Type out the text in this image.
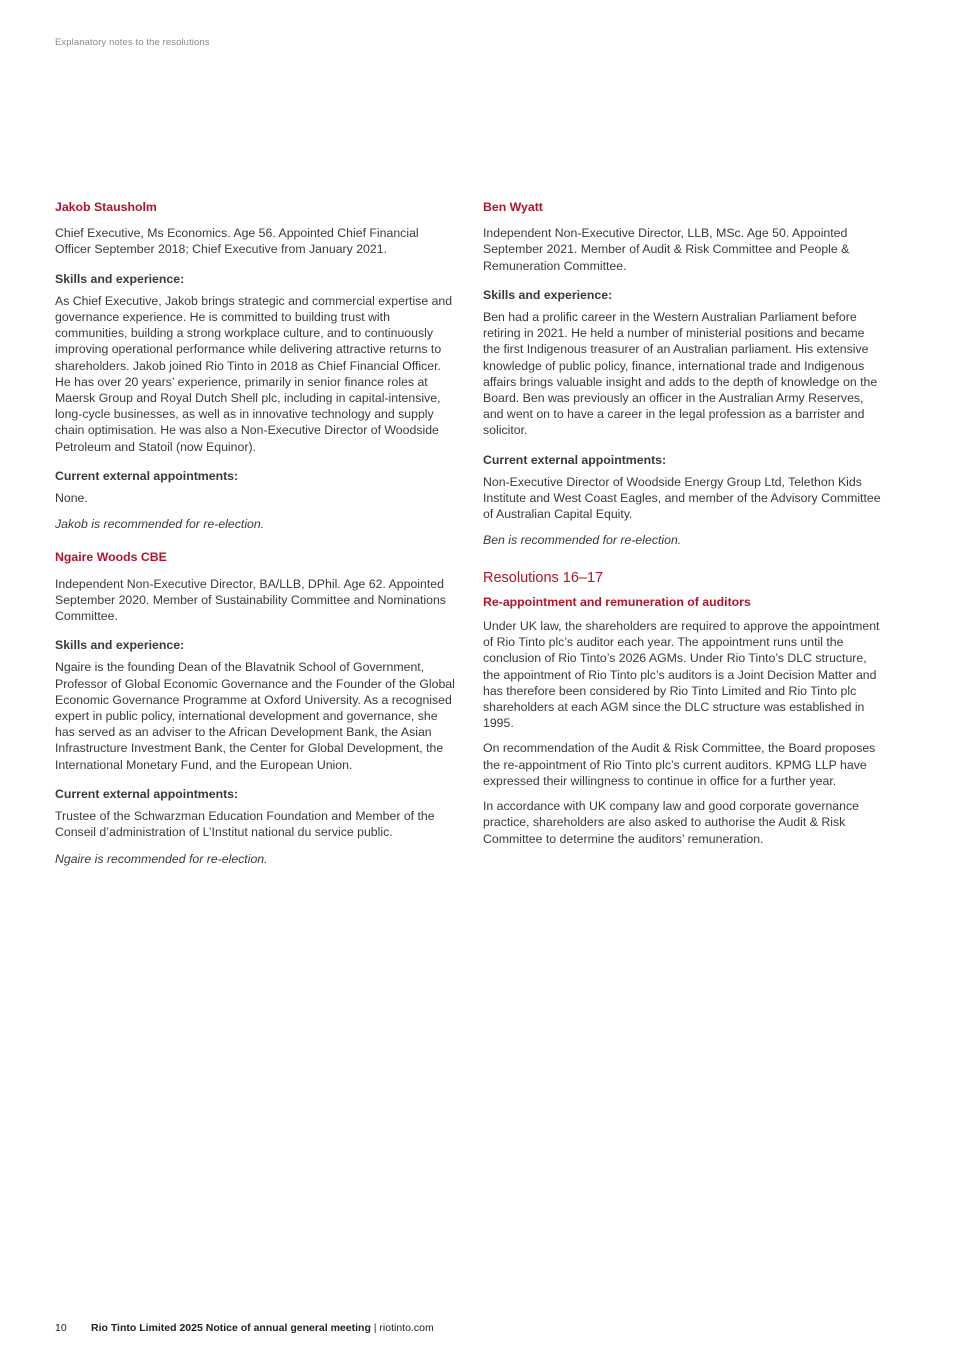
Explanatory notes to the resolutions
Jakob Stausholm

Chief Executive, Ms Economics. Age 56. Appointed Chief Financial Officer September 2018; Chief Executive from January 2021.

Skills and experience:

As Chief Executive, Jakob brings strategic and commercial expertise and governance experience. He is committed to building trust with communities, building a strong workplace culture, and to continuously improving operational performance while delivering attractive returns to shareholders. Jakob joined Rio Tinto in 2018 as Chief Financial Officer. He has over 20 years’ experience, primarily in senior finance roles at Maersk Group and Royal Dutch Shell plc, including in capital-intensive, long-cycle businesses, as well as in innovative technology and supply chain optimisation. He was also a Non-Executive Director of Woodside Petroleum and Statoil (now Equinor).

Current external appointments:

None.

Jakob is recommended for re-election.

Ngaire Woods CBE

Independent Non-Executive Director, BA/LLB, DPhil. Age 62. Appointed September 2020. Member of Sustainability Committee and Nominations Committee.

Skills and experience:

Ngaire is the founding Dean of the Blavatnik School of Government, Professor of Global Economic Governance and the Founder of the Global Economic Governance Programme at Oxford University. As a recognised expert in public policy, international development and governance, she has served as an adviser to the African Development Bank, the Asian Infrastructure Investment Bank, the Center for Global Development, the International Monetary Fund, and the European Union.

Current external appointments:

Trustee of the Schwarzman Education Foundation and Member of the Conseil d’administration of L’Institut national du service public.

Ngaire is recommended for re-election.

Ben Wyatt

Independent Non-Executive Director, LLB, MSc. Age 50. Appointed September 2021. Member of Audit & Risk Committee and People & Remuneration Committee.

Skills and experience:

Ben had a prolific career in the Western Australian Parliament before retiring in 2021. He held a number of ministerial positions and became the first Indigenous treasurer of an Australian parliament. His extensive knowledge of public policy, finance, international trade and Indigenous affairs brings valuable insight and adds to the depth of knowledge on the Board. Ben was previously an officer in the Australian Army Reserves, and went on to have a career in the legal profession as a barrister and solicitor.

Current external appointments:

Non-Executive Director of Woodside Energy Group Ltd, Telethon Kids Institute and West Coast Eagles, and member of the Advisory Committee of Australian Capital Equity.

Ben is recommended for re-election.

Resolutions 16–17
Re-appointment and remuneration of auditors

Under UK law, the shareholders are required to approve the appointment of Rio Tinto plc’s auditor each year. The appointment runs until the conclusion of Rio Tinto’s 2026 AGMs. Under Rio Tinto’s DLC structure, the appointment of Rio Tinto plc’s auditors is a Joint Decision Matter and has therefore been considered by Rio Tinto Limited and Rio Tinto plc shareholders at each AGM since the DLC structure was established in 1995.

On recommendation of the Audit & Risk Committee, the Board proposes the re-appointment of Rio Tinto plc’s current auditors. KPMG LLP have expressed their willingness to continue in office for a further year.

In accordance with UK company law and good corporate governance practice, shareholders are also asked to authorise the Audit & Risk Committee to determine the auditors’ remuneration.

10 Rio Tinto Limited 2025 Notice of annual general meeting | riotinto.com
